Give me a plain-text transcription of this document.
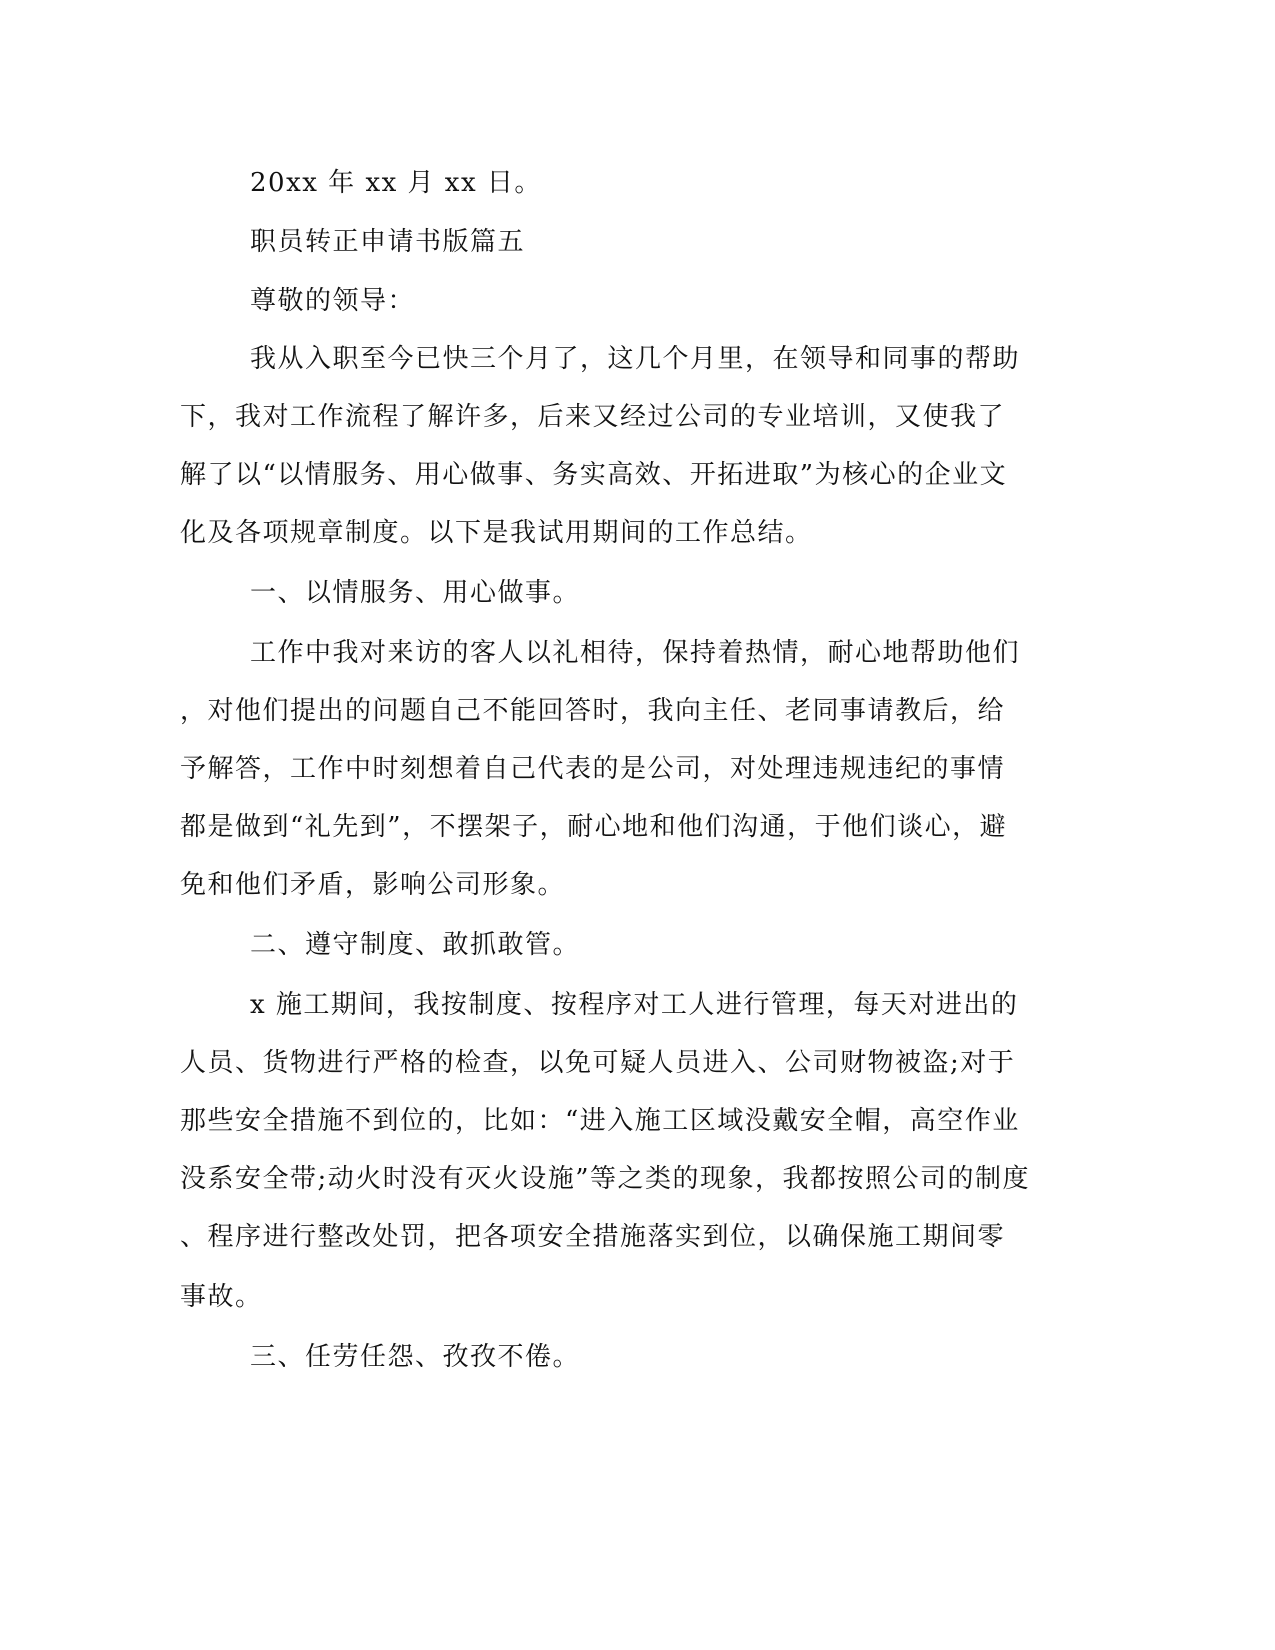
20xx 年 xx 月 xx 日。
职员转正申请书版篇五
尊敬的领导：
我从入职至今已快三个月了，这几个月里，在领导和同事的帮助
下，我对工作流程了解许多，后来又经过公司的专业培训，又使我了
解了以“以情服务、用心做事、务实高效、开拓进取”为核心的企业文
化及各项规章制度。以下是我试用期间的工作总结。
一、以情服务、用心做事。
工作中我对来访的客人以礼相待，保持着热情，耐心地帮助他们
，对他们提出的问题自己不能回答时，我向主任、老同事请教后，给
予解答，工作中时刻想着自己代表的是公司，对处理违规违纪的事情
都是做到“礼先到”，不摆架子，耐心地和他们沟通，于他们谈心，避
免和他们矛盾，影响公司形象。
二、遵守制度、敢抓敢管。
x 施工期间，我按制度、按程序对工人进行管理，每天对进出的
人员、货物进行严格的检查，以免可疑人员进入、公司财物被盗;对于
那些安全措施不到位的，比如：“进入施工区域没戴安全帽，高空作业
没系安全带;动火时没有灭火设施”等之类的现象，我都按照公司的制度
、程序进行整改处罚，把各项安全措施落实到位，以确保施工期间零
事故。
三、任劳任怨、孜孜不倦。
